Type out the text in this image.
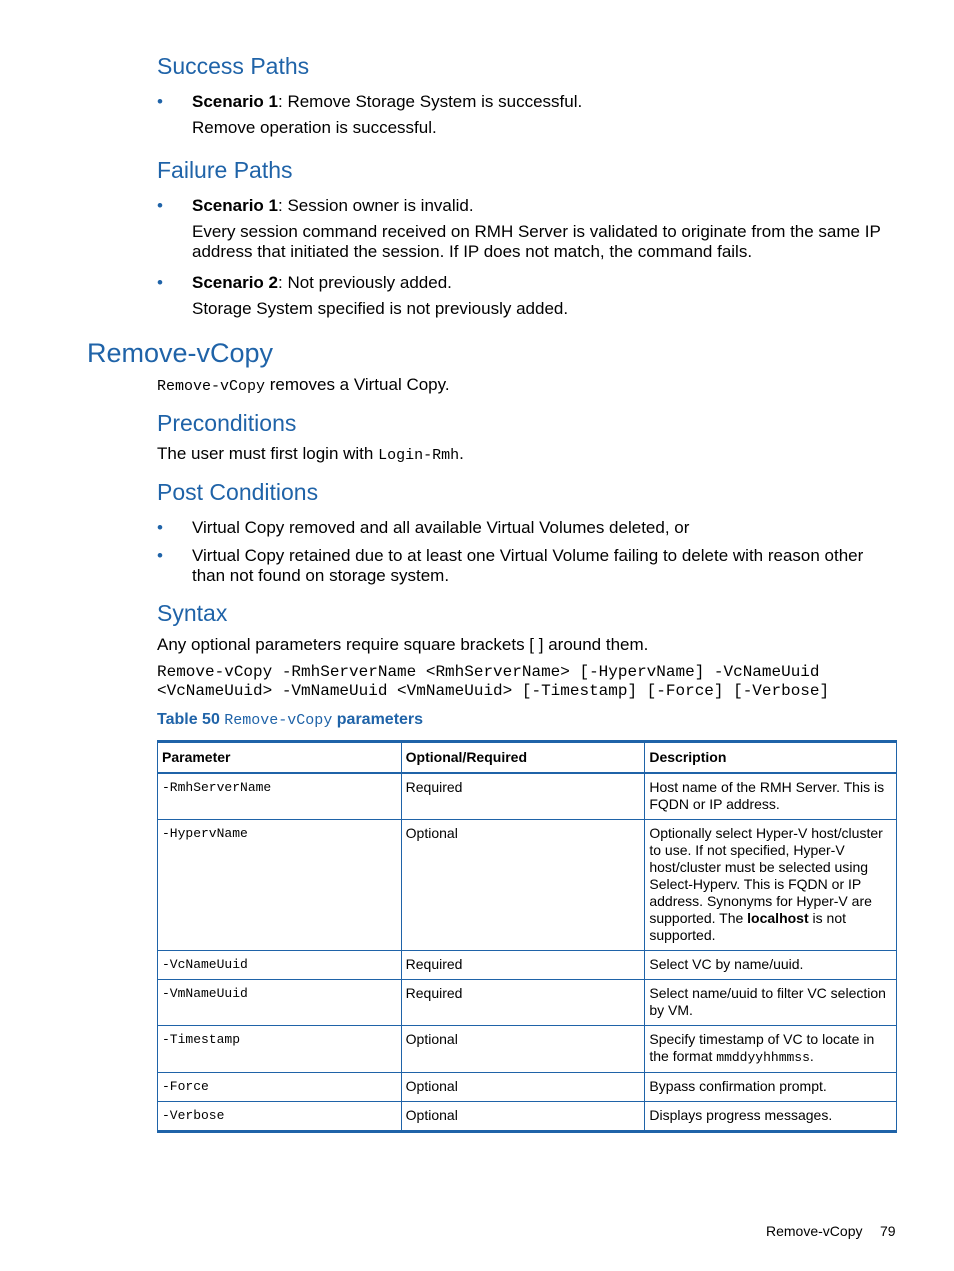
Success Paths
• Scenario 1: Remove Storage System is successful.

Remove operation is successful.

Failure Paths
• Scenario 1: Session owner is invalid.

Every session command received on RMH Server is validated to originate from the same IP address that initiated the session. If IP does not match, the command fails.

• Scenario 2: Not previously added.

Storage System specified is not previously added.

Remove-vCopy

Remove-vCopy removes a Virtual Copy.

Preconditions

The user must first login with Login-Rmh.

Post Conditions
• Virtual Copy removed and all available Virtual Volumes deleted, or

• Virtual Copy retained due to at least one Virtual Volume failing to delete with reason other than not found on storage system.

Syntax

Any optional parameters require square brackets [ ] around them.

Remove-vCopy -RmhServerName <RmhServerName> [-HypervName] -VcNameUuid

<VcNameUuid> -VmNameUuid <VmNameUuid> [-Timestamp] [-Force] [-Verbose]

Table 50 Remove-vCopy parameters
Parameter	Optional/Required	Description
-RmhServerName	Required	Host name of the RMH Server. This is FQDN or IP address.
-HypervName	Optional	Optionally select Hyper-V host/cluster to use. If not specified, Hyper-V host/cluster must be selected using Select-Hyperv. This is FQDN or IP address. Synonyms for Hyper-V are supported. The localhost is not supported.
-VcNameUuid	Required	Select VC by name/uuid.
-VmNameUuid	Required	Select name/uuid to filter VC selection by VM.
-Timestamp	Optional	Specify timestamp of VC to locate in the format mmddyyhhmmss.
-Force	Optional	Bypass confirmation prompt.
-Verbose	Optional	Displays progress messages.
Remove-vCopy 79
